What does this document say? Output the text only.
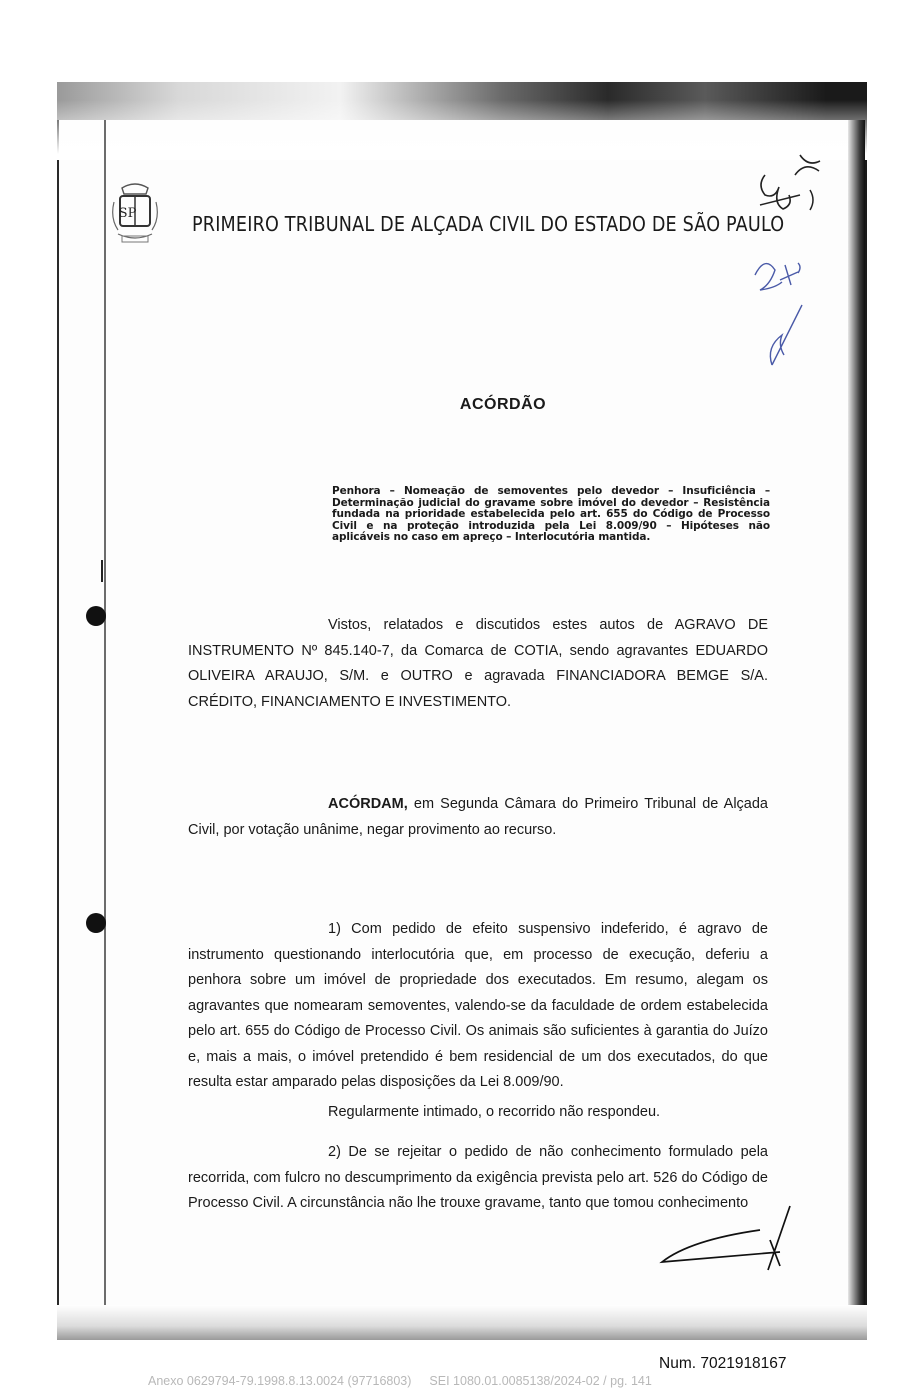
SP	PRIMEIRO TRIBUNAL DE ALÇADA CIVIL DO ESTADO DE SÃO PAULO
ACÓRDÃO
Penhora – Nomeação de semoventes pelo devedor – Insuficiência – Determinação judicial do gravame sobre imóvel do devedor – Resistência fundada na prioridade estabelecida pelo art. 655 do Código de Processo Civil e na proteção introduzida pela Lei 8.009/90 – Hipóteses não aplicáveis no caso em apreço – Interlocutória mantida.
Vistos, relatados e discutidos estes autos de AGRAVO DE INSTRUMENTO Nº 845.140-7, da Comarca de COTIA, sendo agravantes EDUARDO OLIVEIRA ARAUJO, S/M. e OUTRO e agravada FINANCIADORA BEMGE S/A. CRÉDITO, FINANCIAMENTO E INVESTIMENTO.
ACÓRDAM, em Segunda Câmara do Primeiro Tribunal de Alçada Civil, por votação unânime, negar provimento ao recurso.
1) Com pedido de efeito suspensivo indeferido, é agravo de instrumento questionando interlocutória que, em processo de execução, deferiu a penhora sobre um imóvel de propriedade dos executados. Em resumo, alegam os agravantes que nomearam semoventes, valendo-se da faculdade de ordem estabelecida pelo art. 655 do Código de Processo Civil. Os animais são suficientes à garantia do Juízo e, mais a mais, o imóvel pretendido é bem residencial de um dos executados, do que resulta estar amparado pelas disposições da Lei 8.009/90.
Regularmente intimado, o recorrido não respondeu.
2) De se rejeitar o pedido de não conhecimento formulado pela recorrida, com fulcro no descumprimento da exigência prevista pelo art. 526 do Código de Processo Civil. A circunstância não lhe trouxe gravame, tanto que tomou conhecimento
Num. 7021918167
Anexo 0629794-79.1998.8.13.0024 (97716803) SEI 1080.01.0085138/2024-02 / pg. 141
